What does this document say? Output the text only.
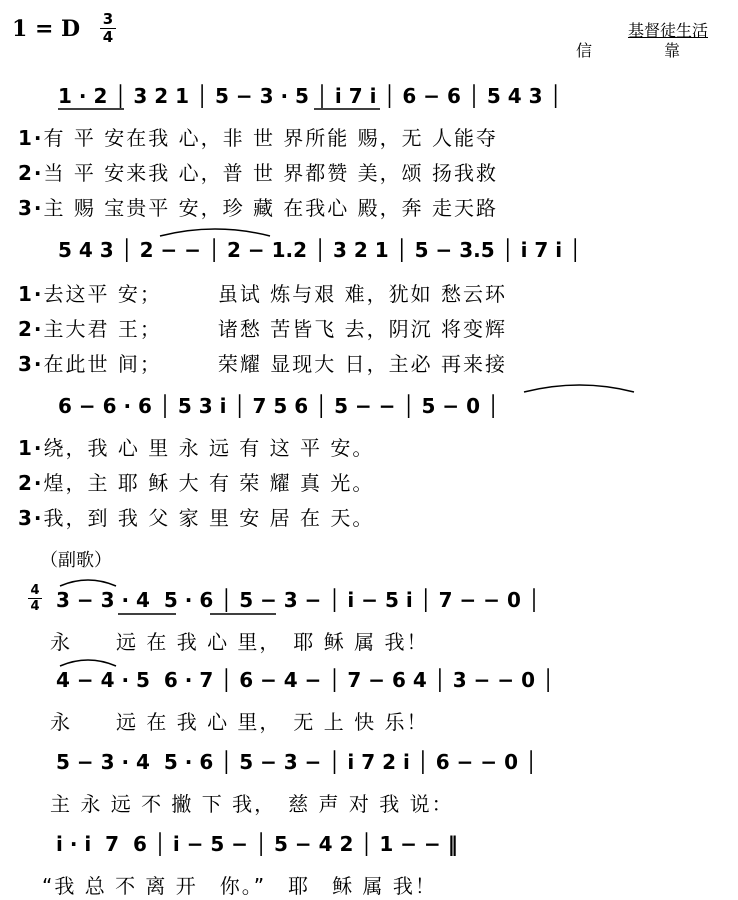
1 = D 3
4	基督徒生活
信　靠
1 · 2 │ 3 2 1 │ 5 − 3 · 5 │ i 7 i │ 6 − 6 │ 5 4 3 │
1·有 平 安在我 心，非 世 界所能 赐，无 人能夺
2·当 平 安来我 心，普 世 界都赞 美，颂 扬我救
3·主 赐 宝贵平 安，珍 藏 在我心 殿，奔 走天路
5 4 3 │ 2 − − │ 2 − 1.2 │ 3 2 1 │ 5 − 3.5 │ i 7 i │
1·去这平 安；　　　虽试 炼与艰 难，犹如 愁云环
2·主大君 王；　　　诸愁 苦皆飞 去，阴沉 将变辉
3·在此世 间；　　　荣耀 显现大 日，主必 再来接
6 − 6 · 6 │ 5 3 i │ 7 5 6 │ 5 − − │ 5 − 0 │
1·绕，我 心 里 永 远 有 这 平 安。
2·煌，主 耶 稣 大 有 荣 耀 真 光。
3·我，到 我 父 家 里 安 居 在 天。
（副歌）
4
4 3 − 3 · 4  5 · 6 │ 5 − 3 − │ i − 5 i │ 7 − − 0 │
永　　远 在 我 心 里，　耶 稣 属 我！
4 − 4 · 5  6 · 7 │ 6 − 4 − │ 7 − 6 4 │ 3 − − 0 │
永　　远 在 我 心 里，　无 上 快 乐！
5 − 3 · 4  5 · 6 │ 5 − 3 − │ i 7 2 i │ 6 − − 0 │
主 永 远 不 撇 下 我，　慈 声 对 我 说：
i · i  7  6 │ i − 5 − │ 5 − 4 2 │ 1 − − ‖
“我 总 不 离 开　你。”　耶　稣 属 我！
